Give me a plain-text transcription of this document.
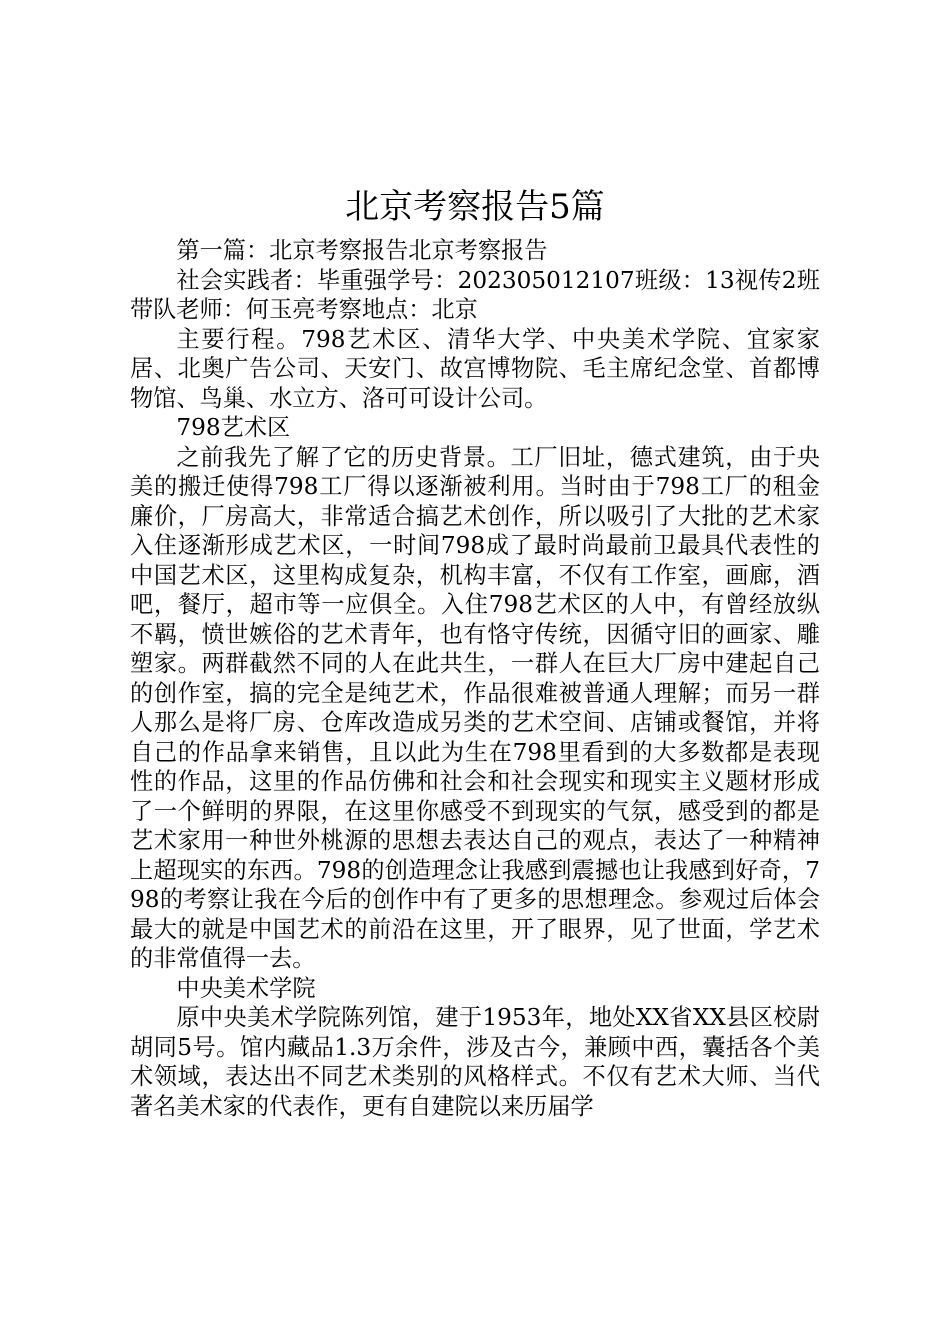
北京考察报告5篇

第一篇：北京考察报告北京考察报告

社会实践者：毕重强学号：202305012107班级：13视传2班带队老师：何玉亮考察地点：北京

主要行程。798艺术区、清华大学、中央美术学院、宜家家居、北奥广告公司、天安门、故宫博物院、毛主席纪念堂、首都博物馆、鸟巢、水立方、洛可可设计公司。

798艺术区

之前我先了解了它的历史背景。工厂旧址，德式建筑，由于央美的搬迁使得798工厂得以逐渐被利用。当时由于798工厂的租金廉价，厂房高大，非常适合搞艺术创作，所以吸引了大批的艺术家入住逐渐形成艺术区，一时间798成了最时尚最前卫最具代表性的中国艺术区，这里构成复杂，机构丰富，不仅有工作室，画廊，酒吧，餐厅，超市等一应俱全。入住798艺术区的人中，有曾经放纵不羁，愤世嫉俗的艺术青年，也有恪守传统，因循守旧的画家、雕塑家。两群截然不同的人在此共生，一群人在巨大厂房中建起自己的创作室，搞的完全是纯艺术，作品很难被普通人理解；而另一群人那么是将厂房、仓库改造成另类的艺术空间、店铺或餐馆，并将自己的作品拿来销售，且以此为生在798里看到的大多数都是表现性的作品，这里的作品仿佛和社会和社会现实和现实主义题材形成了一个鲜明的界限，在这里你感受不到现实的气氛，感受到的都是艺术家用一种世外桃源的思想去表达自己的观点，表达了一种精神上超现实的东西。798的创造理念让我感到震撼也让我感到好奇，798的考察让我在今后的创作中有了更多的思想理念。参观过后体会最大的就是中国艺术的前沿在这里，开了眼界，见了世面，学艺术的非常值得一去。

中央美术学院

原中央美术学院陈列馆，建于1953年，地处XX省XX县区校尉胡同5号。馆内藏品1.3万余件，涉及古今，兼顾中西，囊括各个美术领域，表达出不同艺术类别的风格样式。不仅有艺术大师、当代著名美术家的代表作，更有自建院以来历届学
